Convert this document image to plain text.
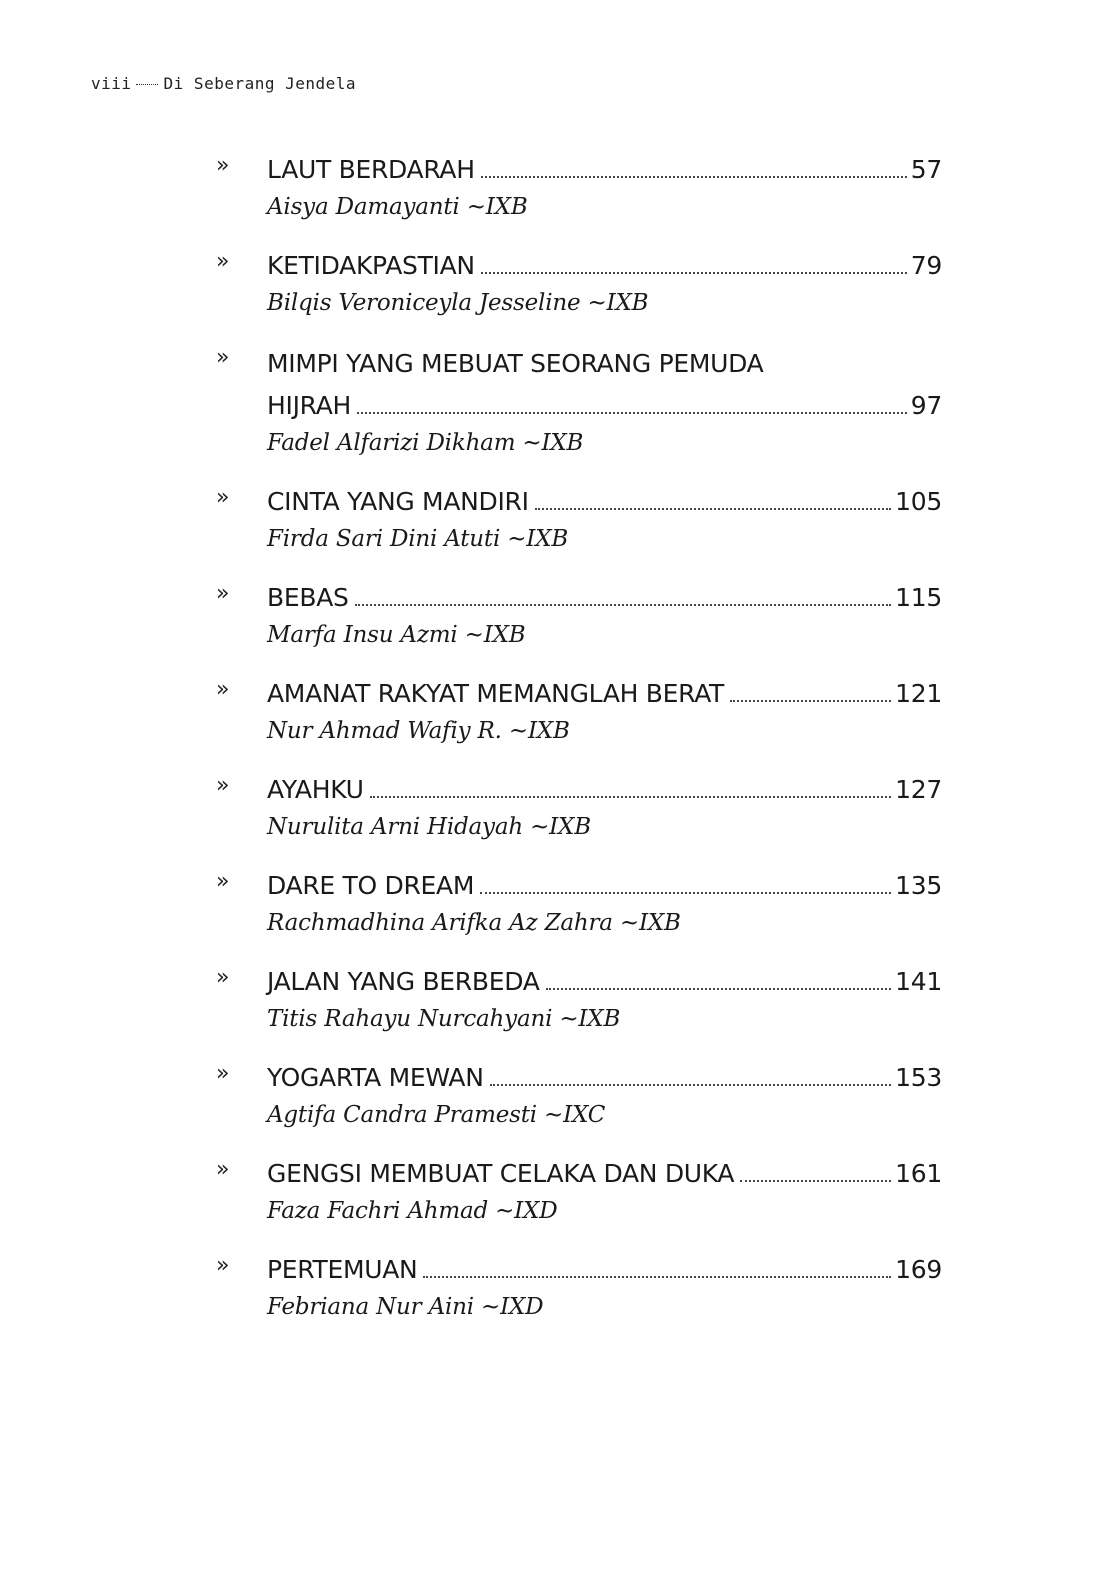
viii Di Seberang Jendela
» LAUT BERDARAH	57
Aisya Damayanti ~IXB
» KETIDAKPASTIAN	79
Bilqis Veroniceyla Jesseline ~IXB
» MIMPI YANG MEBUAT SEORANG PEMUDA
HIJRAH	97
Fadel Alfarizi Dikham ~IXB
» CINTA YANG MANDIRI	105
Firda Sari Dini Atuti ~IXB
» BEBAS	115
Marfa Insu Azmi ~IXB
» AMANAT RAKYAT MEMANGLAH BERAT	121
Nur Ahmad Wafiy R. ~IXB
» AYAHKU	127
Nurulita Arni Hidayah ~IXB
» DARE TO DREAM	135
Rachmadhina Arifka Az Zahra ~IXB
» JALAN YANG BERBEDA	141
Titis Rahayu Nurcahyani ~IXB
» YOGARTA MEWAN	153
Agtifa Candra Pramesti ~IXC
» GENGSI MEMBUAT CELAKA DAN DUKA	161
Faza Fachri Ahmad ~IXD
» PERTEMUAN	169
Febriana Nur Aini ~IXD
